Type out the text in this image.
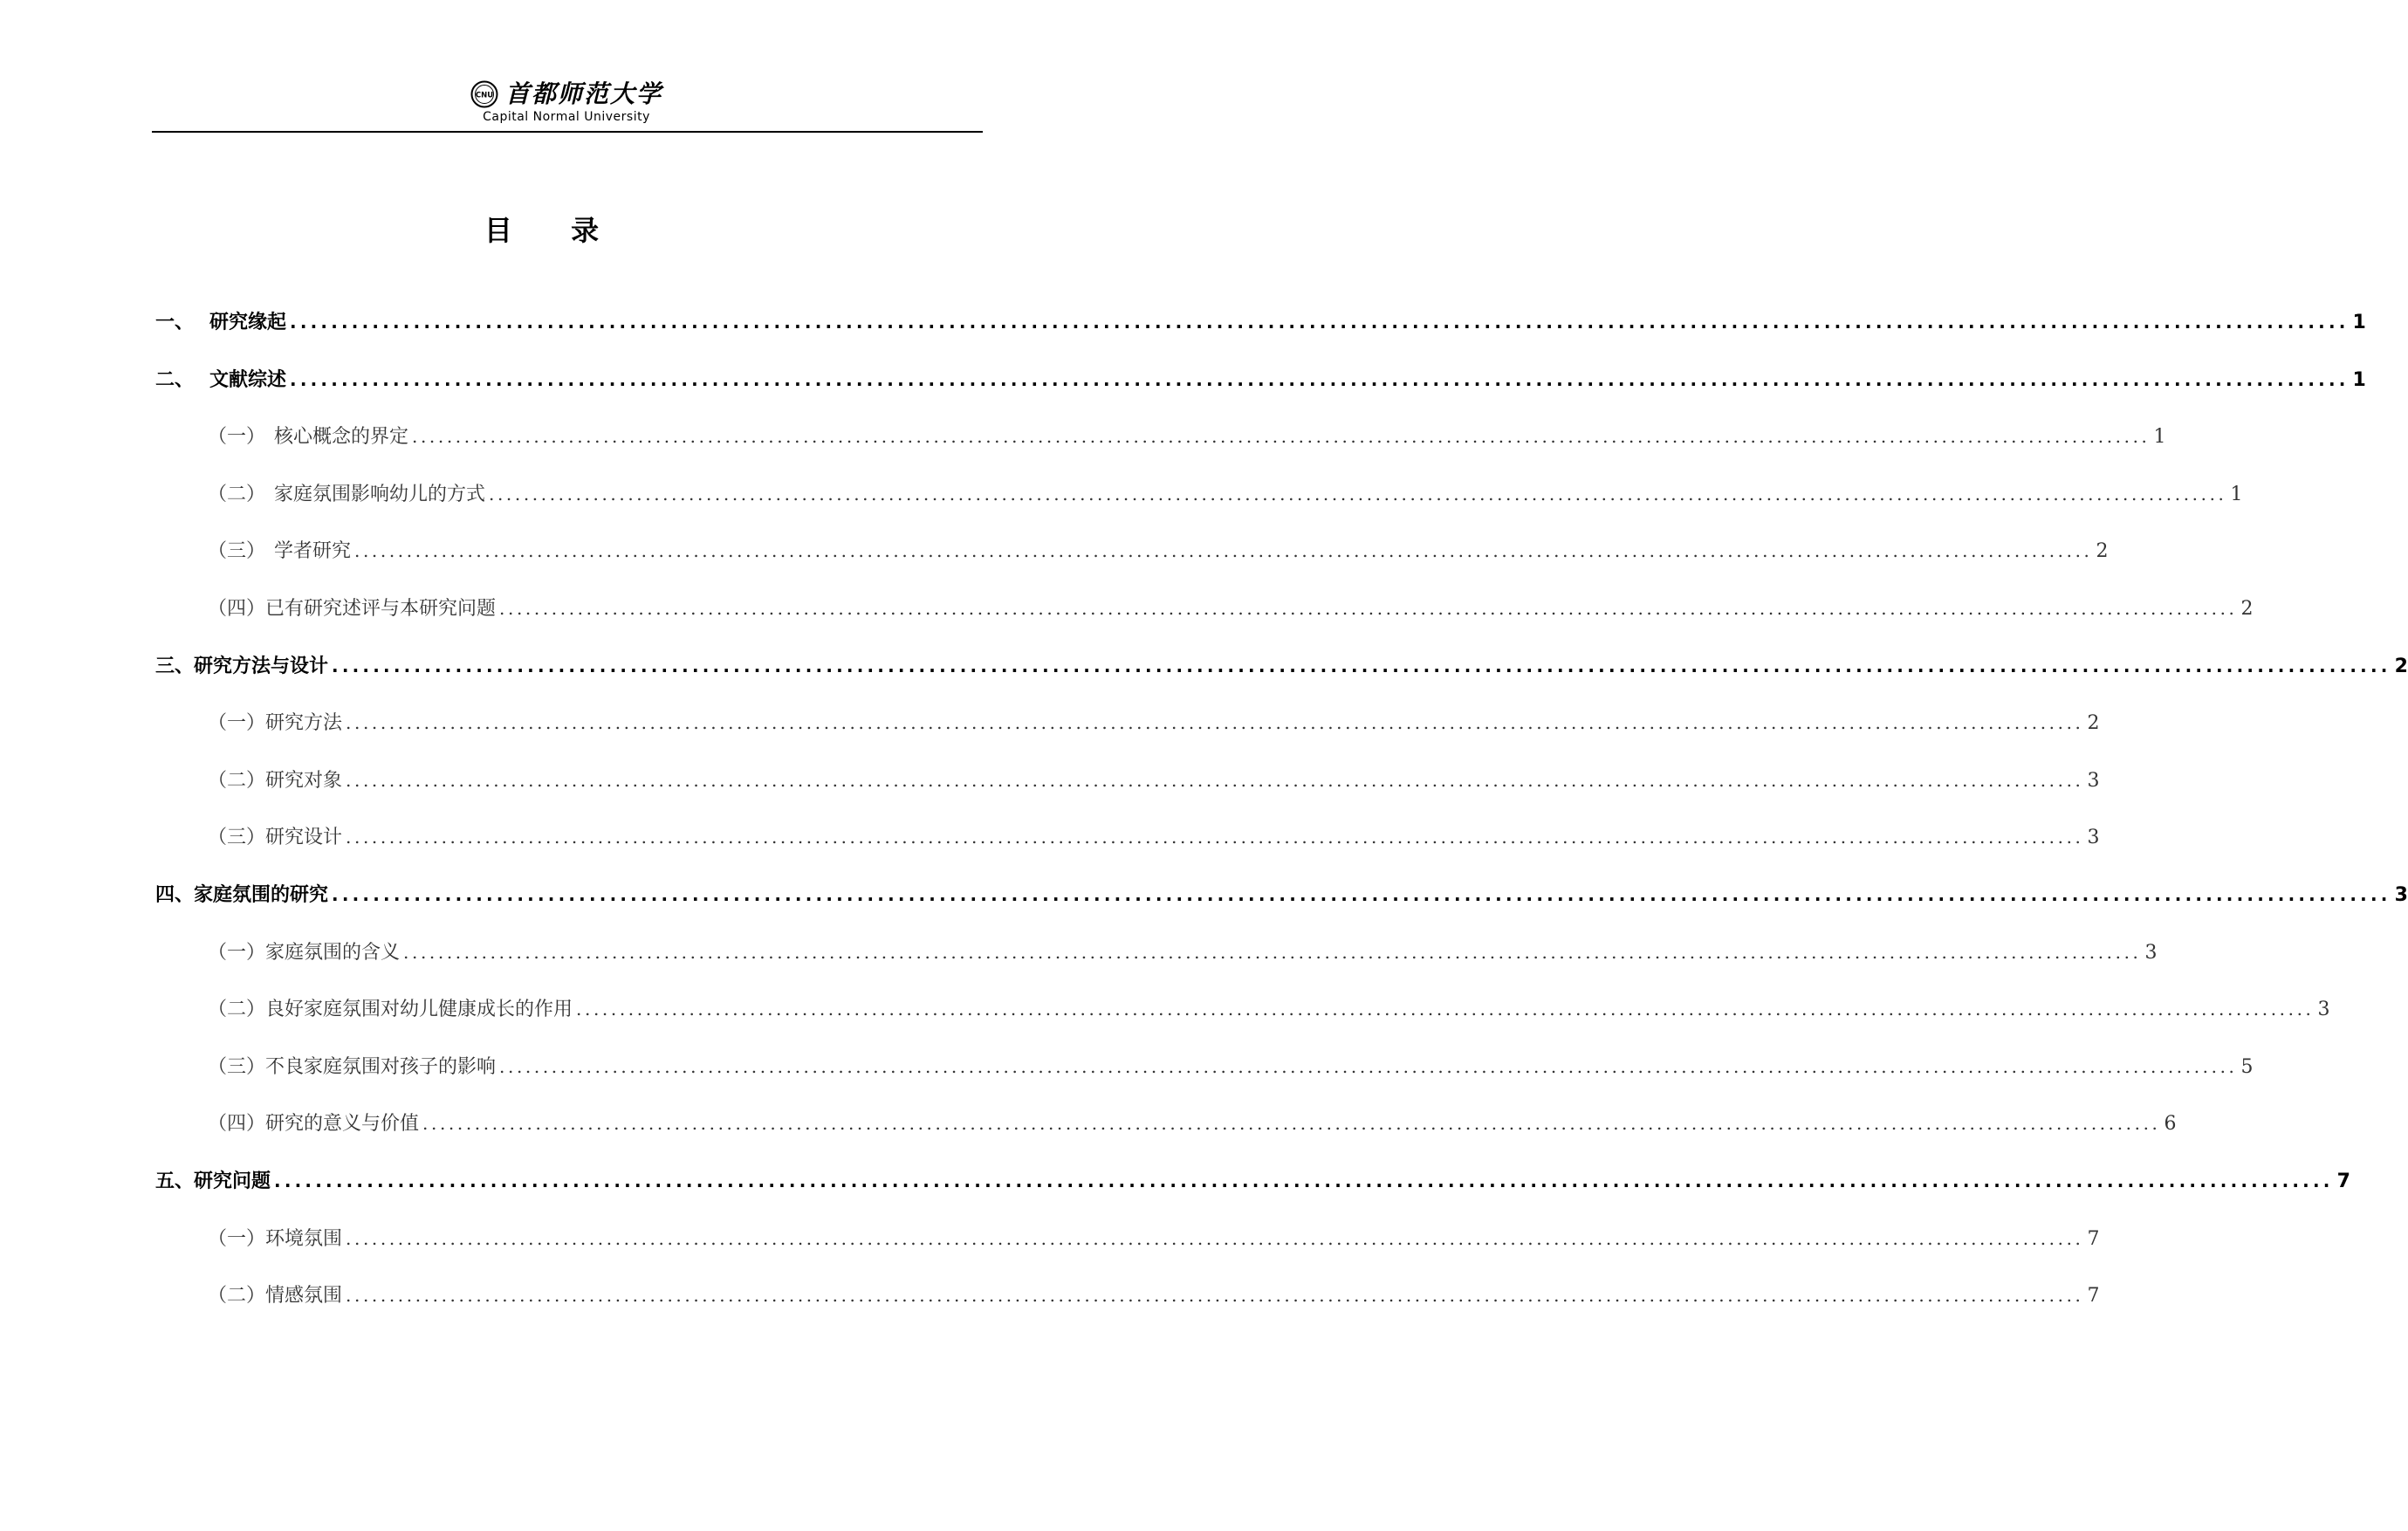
CNU 首都师范大学
Capital Normal University
目 录
一、 研究缘起 ........................................................................................................................................................................................................ 1
二、 文献综述 ........................................................................................................................................................................................................ 1
（一） 核心概念的界定 ........................................................................................................................................................................................................ 1
（二） 家庭氛围影响幼儿的方式 ........................................................................................................................................................................................................ 1
（三） 学者研究 ........................................................................................................................................................................................................ 2
（四） 已有研究述评与本研究问题 ........................................................................................................................................................................................................ 2
三、 研究方法与设计 ........................................................................................................................................................................................................ 2
（一） 研究方法 ........................................................................................................................................................................................................ 2
（二） 研究对象 ........................................................................................................................................................................................................ 3
（三） 研究设计 ........................................................................................................................................................................................................ 3
四、 家庭氛围的研究 ........................................................................................................................................................................................................ 3
（一） 家庭氛围的含义 ........................................................................................................................................................................................................ 3
（二） 良好家庭氛围对幼儿健康成长的作用 ........................................................................................................................................................................................................ 3
（三） 不良家庭氛围对孩子的影响 ........................................................................................................................................................................................................ 5
（四） 研究的意义与价值 ........................................................................................................................................................................................................ 6
五、 研究问题 ........................................................................................................................................................................................................ 7
（一） 环境氛围 ........................................................................................................................................................................................................ 7
（二） 情感氛围 ........................................................................................................................................................................................................ 7
